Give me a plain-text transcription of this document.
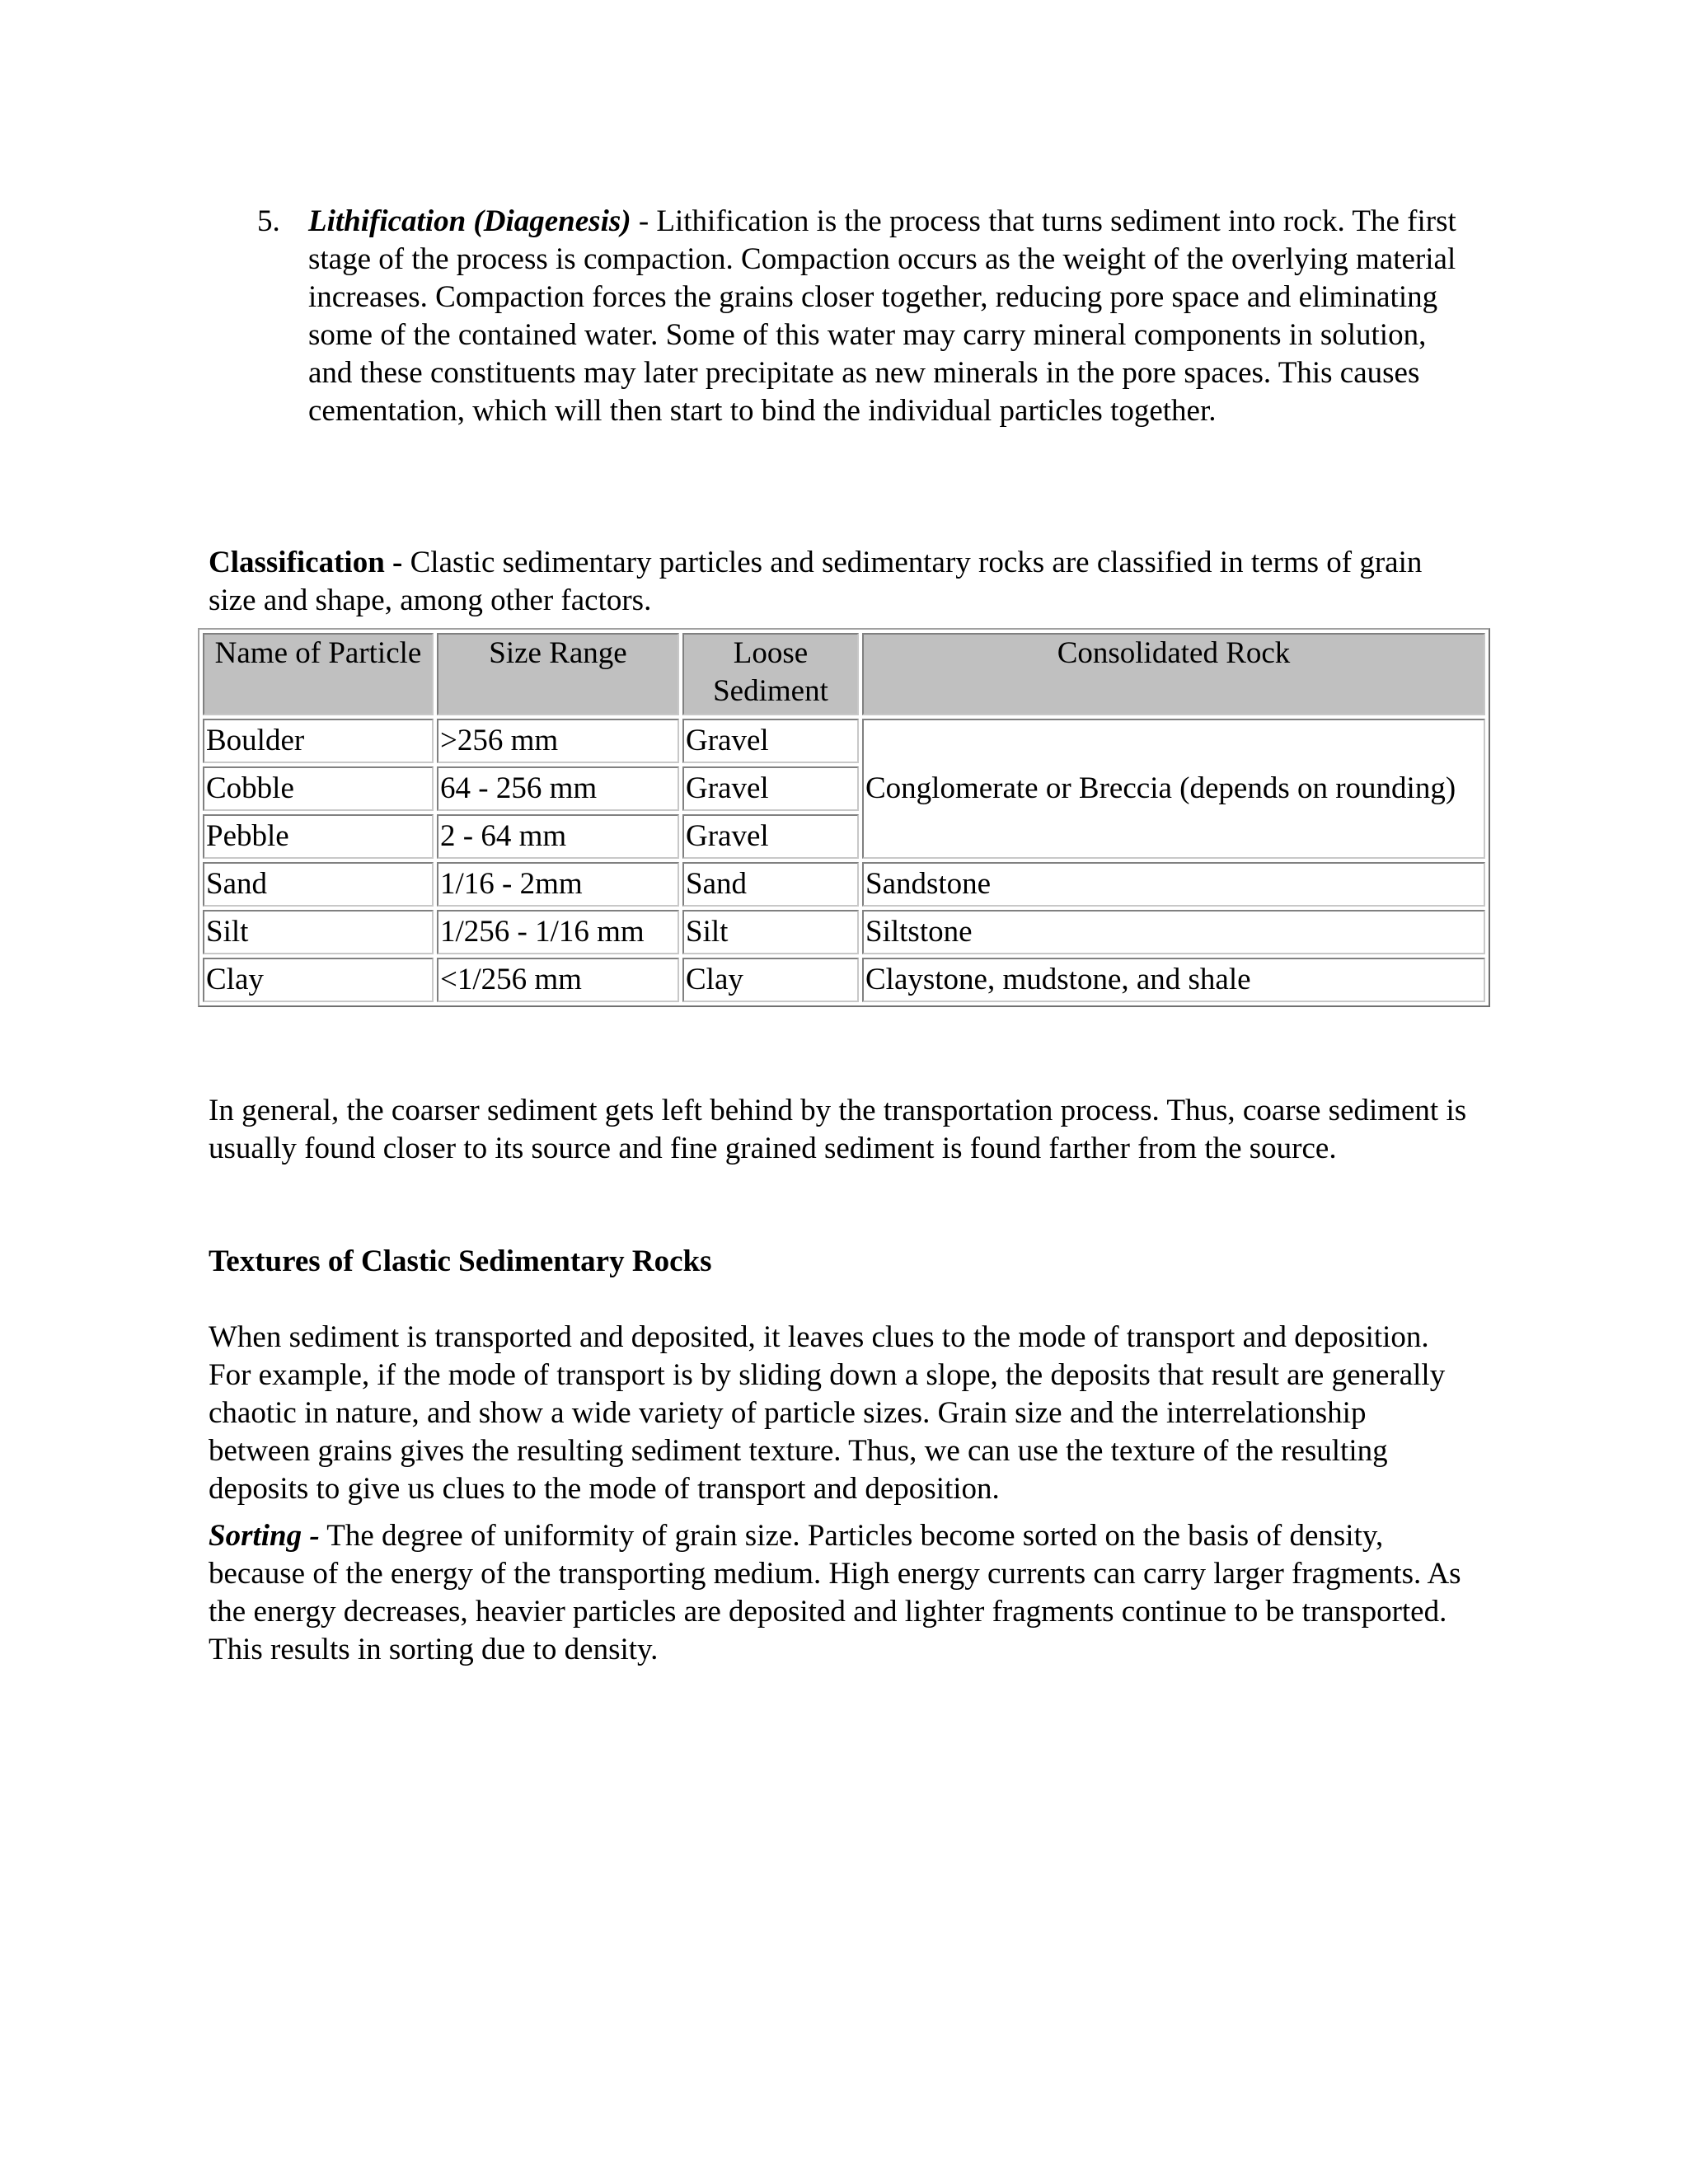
5. Lithification (Diagenesis) - Lithification is the process that turns sediment into rock. The first stage of the process is compaction. Compaction occurs as the weight of the overlying material increases. Compaction forces the grains closer together, reducing pore space and eliminating some of the contained water. Some of this water may carry mineral components in solution, and these constituents may later precipitate as new minerals in the pore spaces. This causes cementation, which will then start to bind the individual particles together.
Classification - Clastic sedimentary particles and sedimentary rocks are classified in terms of grain size and shape, among other factors.
Name of Particle	Size Range	Loose Sediment	Consolidated Rock
Boulder	>256 mm	Gravel	Conglomerate or Breccia (depends on rounding)
Cobble	64 - 256 mm	Gravel	
Pebble	2 - 64 mm	Gravel	
Sand	1/16 - 2mm	Sand	Sandstone
Silt	1/256 - 1/16 mm	Silt	Siltstone
Clay	<1/256 mm	Clay	Claystone, mudstone, and shale
In general, the coarser sediment gets left behind by the transportation process. Thus, coarse sediment is usually found closer to its source and fine grained sediment is found farther from the source.
Textures of Clastic Sedimentary Rocks
When sediment is transported and deposited, it leaves clues to the mode of transport and deposition. For example, if the mode of transport is by sliding down a slope, the deposits that result are generally chaotic in nature, and show a wide variety of particle sizes. Grain size and the interrelationship between grains gives the resulting sediment texture. Thus, we can use the texture of the resulting deposits to give us clues to the mode of transport and deposition.
Sorting - The degree of uniformity of grain size. Particles become sorted on the basis of density, because of the energy of the transporting medium. High energy currents can carry larger fragments. As the energy decreases, heavier particles are deposited and lighter fragments continue to be transported. This results in sorting due to density.
